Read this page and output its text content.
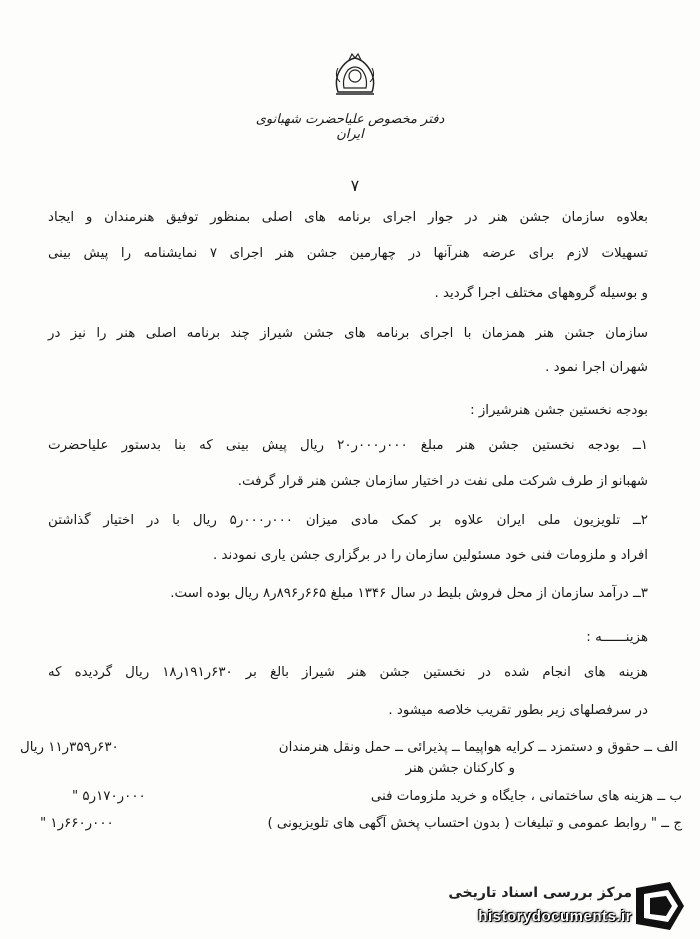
دفتر مخصوص علیاحضرت شهبانوی ایران
۷
بعلاوه سازمان جشن هنر در جوار اجرای برنامه های اصلی بمنظور توفیق هنرمندان و ایجاد
تسهیلات لازم برای عرضه هنرآنها در چهارمین جشن هنر اجرای ۷ نمایشنامه را پیش بینی
و بوسیله گروههای مختلف اجرا گردید .
سازمان جشن هنر همزمان با اجرای برنامه های جشن شیراز چند برنامه اصلی هنر را نیز در
شهران اجرا نمود .
بودجه نخستین جشن هنرشیراز :
۱ــ بودجه نخستین جشن هنر مبلغ ۰۰۰ر۰۰۰ر۲۰ ریال پیش بینی که بنا بدستور علیاحضرت
شهبانو از طرف شرکت ملی نفت در اختیار سازمان جشن هنر قرار گرفت.
۲ــ تلویزیون ملی ایران علاوه بر کمک مادی میزان ۰۰۰ر۰۰۰ر۵ ریال با در اختیار گذاشتن
افراد و ملزومات فنی خود مسئولین سازمان را در برگزاری جشن یاری نمودند .
۳ــ درآمد سازمان از محل فروش بلیط در سال ۱۳۴۶ مبلغ ۶۶۵ر۸۹۶ر۸ ریال بوده است.
هزینــــــه :
هزینه های انجام شده در نخستین جشن هنر شیراز بالغ بر ۶۳۰ر۱۹۱ر۱۸ ریال گردیده که
در سرفصلهای زیر بطور تقریب خلاصه میشود .
الف ــ حقوق و دستمزد ــ کرایه هواپیما ــ پذیرائی ــ حمل ونقل هنرمندان
۶۳۰ر۳۵۹ر۱۱ ریال
و کارکنان جشن هنر
ب ــ هزینه های ساختمانی ، جایگاه و خرید ملزومات فنی
۰۰۰ر۱۷۰ر۵ "
ج ــ " روابط عمومی و تبلیغات ( بدون احتساب پخش آگهی های تلویزیونی )
۰۰۰ر۶۶۰ر۱ "
مرکز بررسی اسناد تاریخی
historydocuments.ir
